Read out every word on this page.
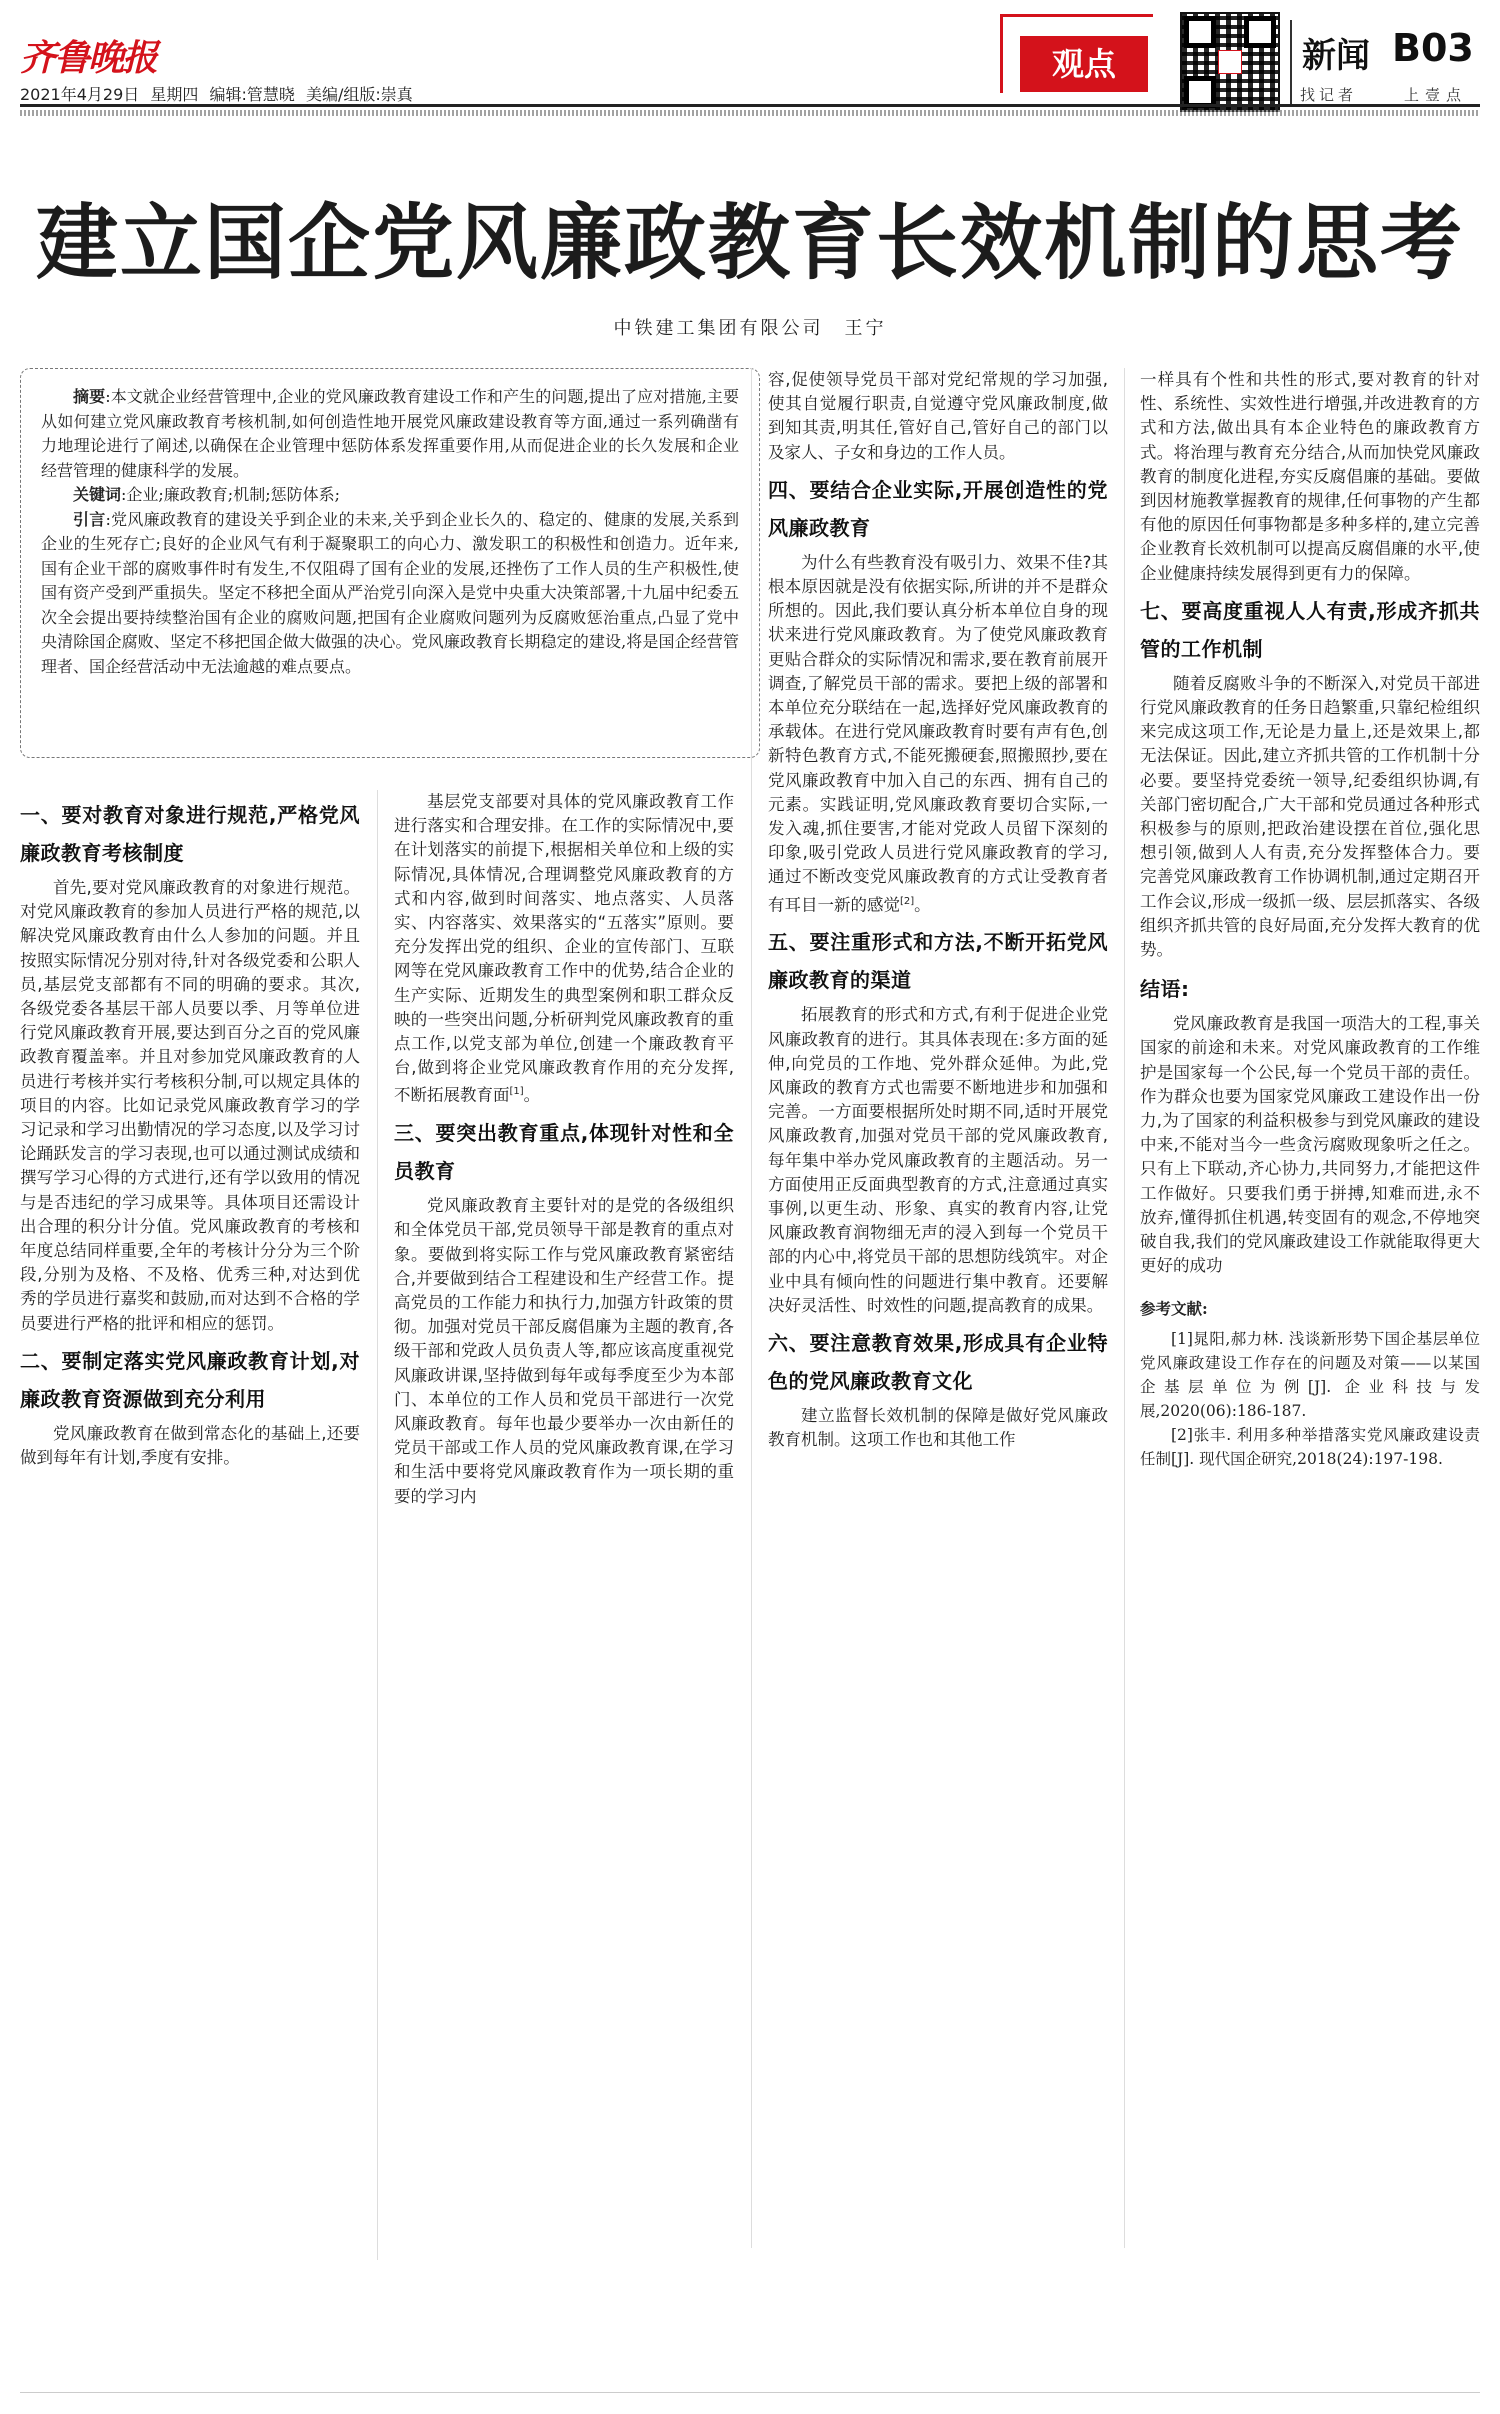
齐鲁晚报
2021年4月29日 星期四 编辑:管慧晓 美编/组版:崇真
观点	新闻 B03
找记者	上壹点
建立国企党风廉政教育长效机制的思考
中铁建工集团有限公司　王宁

摘要:本文就企业经营管理中,企业的党风廉政教育建设工作和产生的问题,提出了应对措施,主要从如何建立党风廉政教育考核机制,如何创造性地开展党风廉政建设教育等方面,通过一系列确凿有力地理论进行了阐述,以确保在企业管理中惩防体系发挥重要作用,从而促进企业的长久发展和企业经营管理的健康科学的发展。

关键词:企业;廉政教育;机制;惩防体系;

引言:党风廉政教育的建设关乎到企业的未来,关乎到企业长久的、稳定的、健康的发展,关系到企业的生死存亡;良好的企业风气有利于凝聚职工的向心力、激发职工的积极性和创造力。近年来,国有企业干部的腐败事件时有发生,不仅阻碍了国有企业的发展,还挫伤了工作人员的生产积极性,使国有资产受到严重损失。坚定不移把全面从严治党引向深入是党中央重大决策部署,十九届中纪委五次全会提出要持续整治国有企业的腐败问题,把国有企业腐败问题列为反腐败惩治重点,凸显了党中央清除国企腐败、坚定不移把国企做大做强的决心。党风廉政教育长期稳定的建设,将是国企经营管理者、国企经营活动中无法逾越的难点要点。

一、要对教育对象进行规范,严格党风廉政教育考核制度

首先,要对党风廉政教育的对象进行规范。对党风廉政教育的参加人员进行严格的规范,以解决党风廉政教育由什么人参加的问题。并且按照实际情况分别对待,针对各级党委和公职人员,基层党支部都有不同的明确的要求。其次,各级党委各基层干部人员要以季、月等单位进行党风廉政教育开展,要达到百分之百的党风廉政教育覆盖率。并且对参加党风廉政教育的人员进行考核并实行考核积分制,可以规定具体的项目的内容。比如记录党风廉政教育学习的学习记录和学习出勤情况的学习态度,以及学习讨论踊跃发言的学习表现,也可以通过测试成绩和撰写学习心得的方式进行,还有学以致用的情况与是否违纪的学习成果等。具体项目还需设计出合理的积分计分值。党风廉政教育的考核和年度总结同样重要,全年的考核计分分为三个阶段,分别为及格、不及格、优秀三种,对达到优秀的学员进行嘉奖和鼓励,而对达到不合格的学员要进行严格的批评和相应的惩罚。

二、要制定落实党风廉政教育计划,对廉政教育资源做到充分利用

党风廉政教育在做到常态化的基础上,还要做到每年有计划,季度有安排。

基层党支部要对具体的党风廉政教育工作进行落实和合理安排。在工作的实际情况中,要在计划落实的前提下,根据相关单位和上级的实际情况,具体情况,合理调整党风廉政教育的方式和内容,做到时间落实、地点落实、人员落实、内容落实、效果落实的“五落实”原则。要充分发挥出党的组织、企业的宣传部门、互联网等在党风廉政教育工作中的优势,结合企业的生产实际、近期发生的典型案例和职工群众反映的一些突出问题,分析研判党风廉政教育的重点工作,以党支部为单位,创建一个廉政教育平台,做到将企业党风廉政教育作用的充分发挥,不断拓展教育面[1]。

三、要突出教育重点,体现针对性和全员教育

党风廉政教育主要针对的是党的各级组织和全体党员干部,党员领导干部是教育的重点对象。要做到将实际工作与党风廉政教育紧密结合,并要做到结合工程建设和生产经营工作。提高党员的工作能力和执行力,加强方针政策的贯彻。加强对党员干部反腐倡廉为主题的教育,各级干部和党政人员负责人等,都应该高度重视党风廉政讲课,坚持做到每年或每季度至少为本部门、本单位的工作人员和党员干部进行一次党风廉政教育。每年也最少要举办一次由新任的党员干部或工作人员的党风廉政教育课,在学习和生活中要将党风廉政教育作为一项长期的重要的学习内

容,促使领导党员干部对党纪常规的学习加强,使其自觉履行职责,自觉遵守党风廉政制度,做到知其责,明其任,管好自己,管好自己的部门以及家人、子女和身边的工作人员。

四、要结合企业实际,开展创造性的党风廉政教育

为什么有些教育没有吸引力、效果不佳?其根本原因就是没有依据实际,所讲的并不是群众所想的。因此,我们要认真分析本单位自身的现状来进行党风廉政教育。为了使党风廉政教育更贴合群众的实际情况和需求,要在教育前展开调查,了解党员干部的需求。要把上级的部署和本单位充分联结在一起,选择好党风廉政教育的承载体。在进行党风廉政教育时要有声有色,创新特色教育方式,不能死搬硬套,照搬照抄,要在党风廉政教育中加入自己的东西、拥有自己的元素。实践证明,党风廉政教育要切合实际,一发入魂,抓住要害,才能对党政人员留下深刻的印象,吸引党政人员进行党风廉政教育的学习,通过不断改变党风廉政教育的方式让受教育者有耳目一新的感觉[2]。

五、要注重形式和方法,不断开拓党风廉政教育的渠道

拓展教育的形式和方式,有利于促进企业党风廉政教育的进行。其具体表现在:多方面的延伸,向党员的工作地、党外群众延伸。为此,党风廉政的教育方式也需要不断地进步和加强和完善。一方面要根据所处时期不同,适时开展党风廉政教育,加强对党员干部的党风廉政教育,每年集中举办党风廉政教育的主题活动。另一方面使用正反面典型教育的方式,注意通过真实事例,以更生动、形象、真实的教育内容,让党风廉政教育润物细无声的浸入到每一个党员干部的内心中,将党员干部的思想防线筑牢。对企业中具有倾向性的问题进行集中教育。还要解决好灵活性、时效性的问题,提高教育的成果。

六、要注意教育效果,形成具有企业特色的党风廉政教育文化

建立监督长效机制的保障是做好党风廉政教育机制。这项工作也和其他工作

一样具有个性和共性的形式,要对教育的针对性、系统性、实效性进行增强,并改进教育的方式和方法,做出具有本企业特色的廉政教育方式。将治理与教育充分结合,从而加快党风廉政教育的制度化进程,夯实反腐倡廉的基础。要做到因材施教掌握教育的规律,任何事物的产生都有他的原因任何事物都是多种多样的,建立完善企业教育长效机制可以提高反腐倡廉的水平,使企业健康持续发展得到更有力的保障。

七、要高度重视人人有责,形成齐抓共管的工作机制

随着反腐败斗争的不断深入,对党员干部进行党风廉政教育的任务日趋繁重,只靠纪检组织来完成这项工作,无论是力量上,还是效果上,都无法保证。因此,建立齐抓共管的工作机制十分必要。要坚持党委统一领导,纪委组织协调,有关部门密切配合,广大干部和党员通过各种形式积极参与的原则,把政治建设摆在首位,强化思想引领,做到人人有责,充分发挥整体合力。要完善党风廉政教育工作协调机制,通过定期召开工作会议,形成一级抓一级、层层抓落实、各级组织齐抓共管的良好局面,充分发挥大教育的优势。

结语:

党风廉政教育是我国一项浩大的工程,事关国家的前途和未来。对党风廉政教育的工作维护是国家每一个公民,每一个党员干部的责任。作为群众也要为国家党风廉政工建设作出一份力,为了国家的利益积极参与到党风廉政的建设中来,不能对当今一些贪污腐败现象听之任之。只有上下联动,齐心协力,共同努力,才能把这件工作做好。只要我们勇于拼搏,知难而进,永不放弃,懂得抓住机遇,转变固有的观念,不停地突破自我,我们的党风廉政建设工作就能取得更大更好的成功

参考文献:

[1]晁阳,郝力林. 浅谈新形势下国企基层单位党风廉政建设工作存在的问题及对策——以某国企基层单位为例[J]. 企业科技与发展,2020(06):186-187.

[2]张丰. 利用多种举措落实党风廉政建设责任制[J]. 现代国企研究,2018(24):197-198.
